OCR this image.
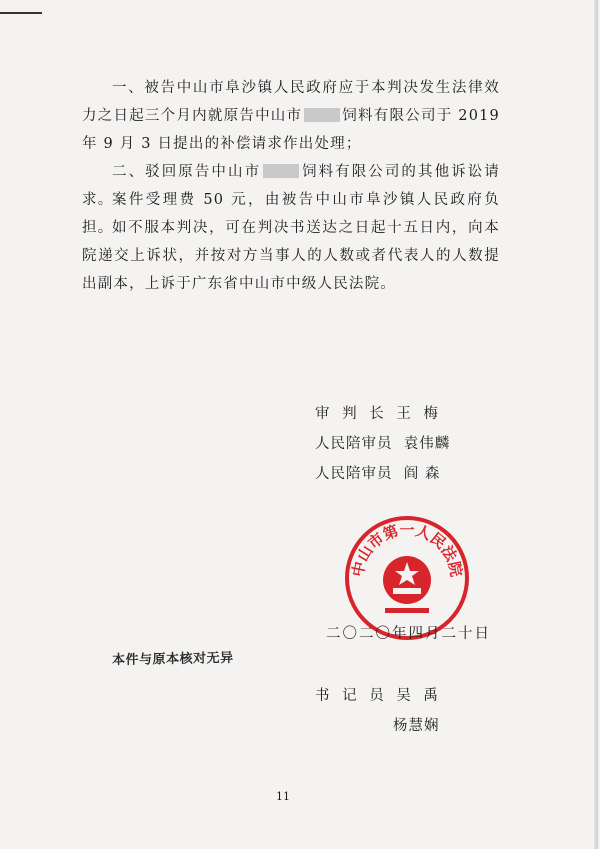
一、被告中山市阜沙镇人民政府应于本判决发生法律效力之日起三个月内就原告中山市	饲料有限公司于 2019 年 9 月 3 日提出的补偿请求作出处理；

二、驳回原告中山市	饲料有限公司的其他诉讼请求。

案件受理费 50 元，由被告中山市阜沙镇人民政府负担。

如不服本判决，可在判决书送达之日起十五日内，向本院递交上诉状，并按对方当事人的人数或者代表人的人数提出副本，上诉于广东省中山市中级人民法院。

审 判 长 王 梅
人民陪审员 袁伟麟
人民陪审员 阎 森
中山市第一人民法院
二〇二〇年四月二十日
本件与原本核对无异
书 记 员 吴 禹
杨慧娴
11
